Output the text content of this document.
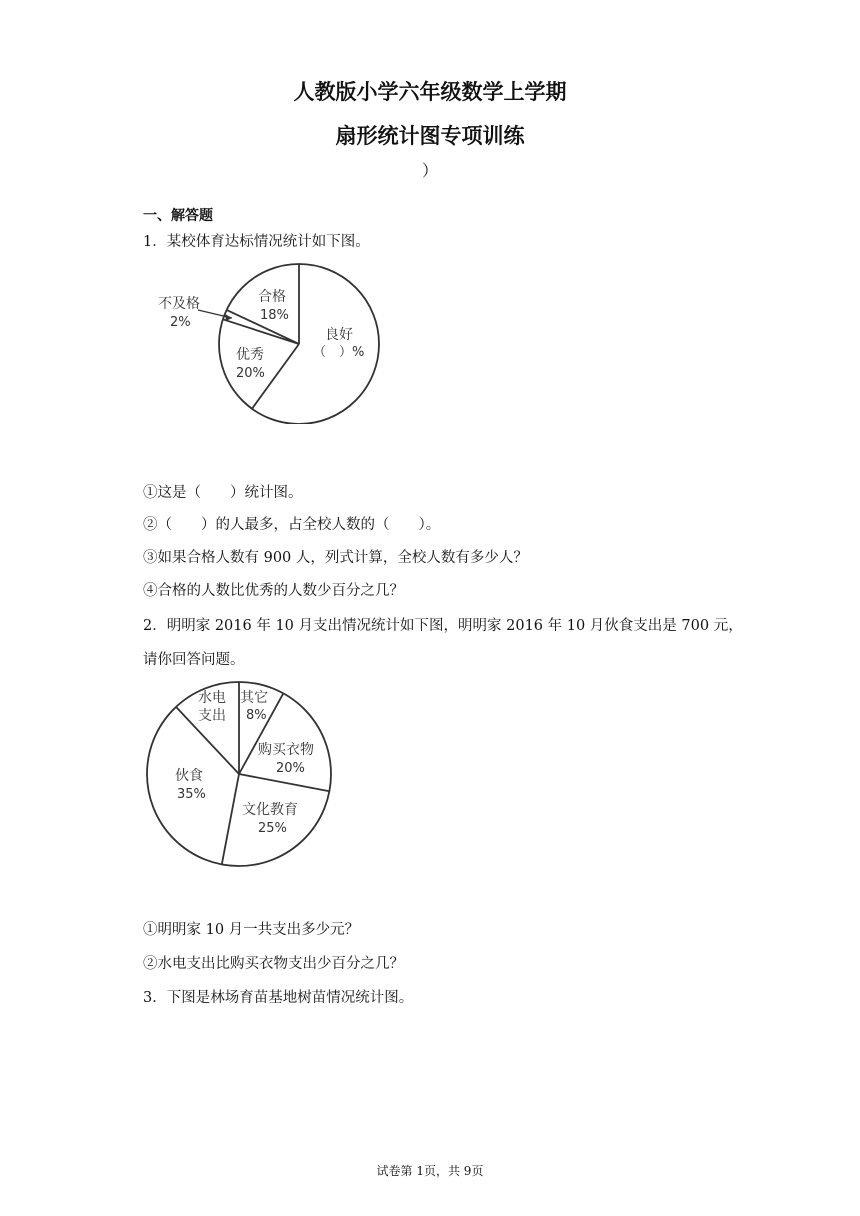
人教版小学六年级数学上学期
扇形统计图专项训练
）
一、解答题
1．某校体育达标情况统计如下图。
不及格
2%
合格
18%
良好
（　）%
优秀
20%
①这是（　　）统计图。
②（　　）的人最多，占全校人数的（　　）。
③如果合格人数有 900 人，列式计算，全校人数有多少人？
④合格的人数比优秀的人数少百分之几？
2．明明家 2016 年 10 月支出情况统计如下图，明明家 2016 年 10 月伙食支出是 700 元，
请你回答问题。
水电
支出
其它
8%
购买衣物
20%
文化教育
25%
伙食
35%
①明明家 10 月一共支出多少元？
②水电支出比购买衣物支出少百分之几？
3．下图是林场育苗基地树苗情况统计图。
试卷第 1页，共 9页
